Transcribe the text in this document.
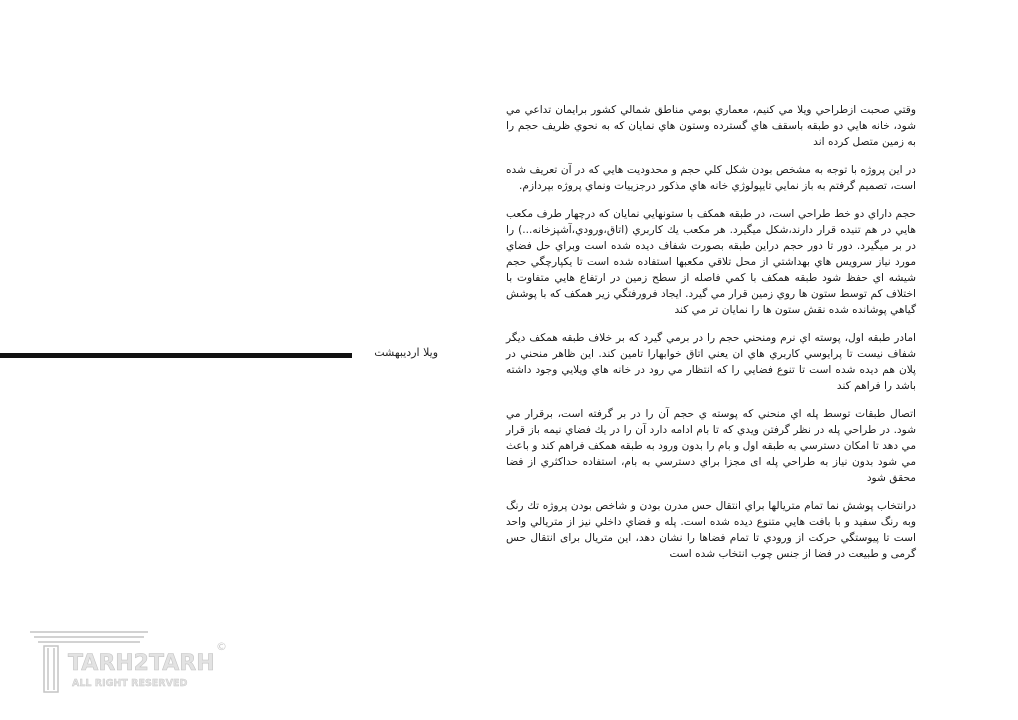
ویلا اردیبهشت

وقتي صحبت ازطراحي ويلا مي كنيم، معماري بومي مناطق شمالي كشور برايمان تداعي مي شود، خانه هايي دو طبقه باسقف هاي گسترده وستون هاي نمايان كه به نحوي ظريف حجم را به زمين متصل كرده اند

در اين پروژه با توجه به مشخص بودن شكل كلي حجم و محدوديت هايي كه در آن تعريف شده است، تصميم گرفتم به باز نمايي تايپولوژي خانه هاي مذكور درجزييات ونماي پروژه بپردازم.

حجم داراي دو خط طراحي است، در طبقه همكف با ستونهايي نمايان كه درچهار طرف مكعب هايي در هم تنيده قرار دارند،شكل ميگيرد. هر مكعب يك كاربري (اتاق،ورودي،آشپزخانه...) را در بر ميگيرد. دور تا دور حجم دراين طبقه بصورت شفاف ديده شده است وبراي حل فضاي مورد نياز سرويس هاي بهداشتي از محل تلاقي مكعبها استفاده شده است تا يكپارچگي حجم شيشه اي حفظ شود طبقه همكف با كمي فاصله از سطح زمين در ارتفاع هايي متفاوت با اختلاف كم توسط ستون ها روي زمين قرار مي گيرد. ايجاد فرورفتگي زير همكف كه با پوشش گياهي پوشانده شده نقش ستون ها را نمايان تر مي كند

امادر طبقه اول، پوسته اي نرم ومنحني حجم را در برمي گيرد كه بر خلاف طبقه همكف ديگر شفاف نيست تا پرايوسي كاربري هاي ان يعني اتاق خوابهارا تامين كند. اين ظاهر منحني در پلان هم ديده شده است تا تنوع فضايي را كه انتظار مي رود در خانه هاي ويلايي وجود داشته باشد را فراهم كند

اتصال طبقات توسط پله اي منحني كه پوسته ي حجم آن را در بر گرفته است، برقرار مي شود. در طراحي پله در نظر گرفتن ويدي كه تا بام ادامه دارد آن را در يك فضاي نيمه باز قرار مي دهد تا امكان دسترسي به طبقه اول و بام را بدون ورود به طبقه همكف فراهم كند و باعث مي شود بدون نياز به طراحي پله ای مجزا براي دسترسي به بام، استفاده حداكثري از فضا محقق شود

درانتخاب پوشش نما تمام متريالها براي انتقال حس مدرن بودن و شاخص بودن پروژه تك رنگ وبه رنگ سفيد و با بافت هايي متنوع ديده شده است. پله و فضاي داخلي نيز از متريالي واحد است تا پيوستگي حركت از ورودي تا تمام فضاها را نشان دهد، اين متريال براى انتقال حس گرمى و طبيعت در فضا از جنس چوب انتخاب شده است

TARH2TARH
ALL RIGHT RESERVED
©
